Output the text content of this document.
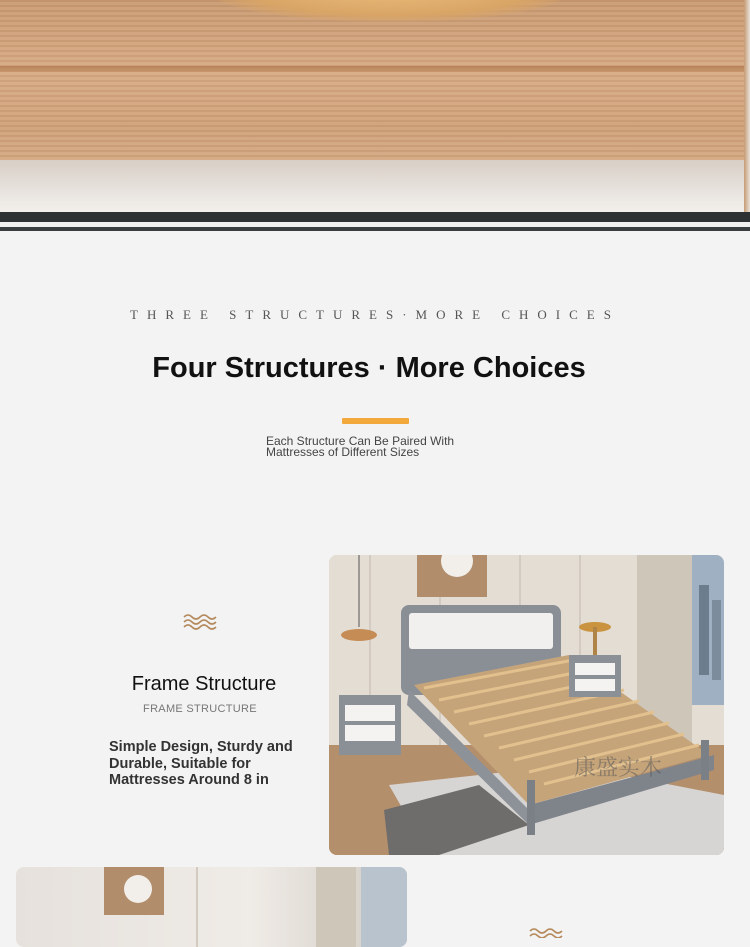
THREE STRUCTURES·MORE CHOICES
Four Structures · More Choices
Each Structure Can Be Paired With Mattresses of Different Sizes
Frame Structure
FRAME STRUCTURE
Simple Design, Sturdy and Durable, Suitable for Mattresses Around 8 in	康盛实木
